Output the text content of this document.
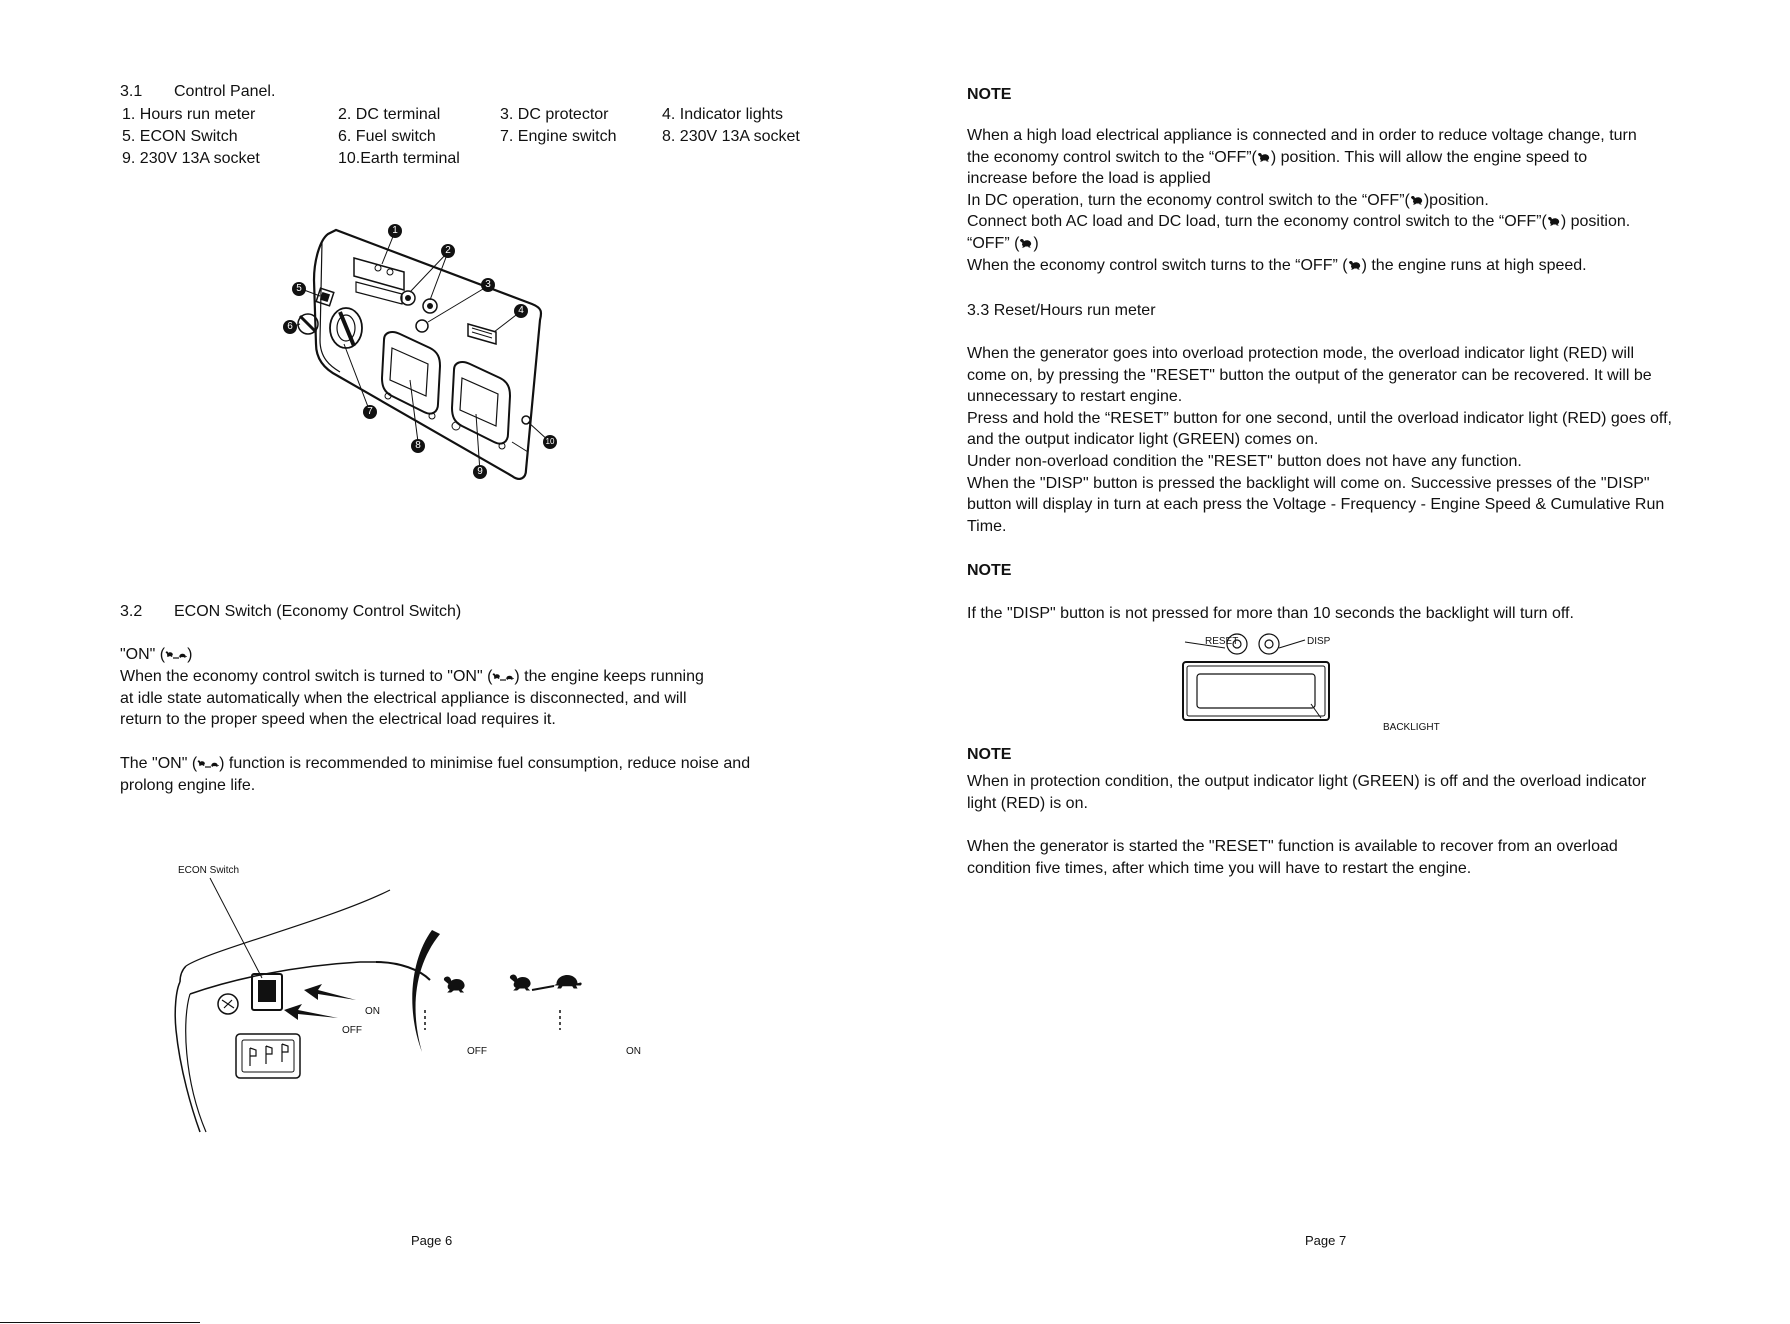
3.1 Control Panel.
1. Hours run meter	2. DC terminal	3. DC protector	4. Indicator lights
5. ECON Switch	6. Fuel switch	7. Engine switch	8. 230V 13A socket
9. 230V 13A socket	10.Earth terminal
1
2
3
4
5
6
7
8
9
10
3.2 ECON Switch (Economy Control Switch)
"ON" ( )
When the economy control switch is turned to "ON" ( ) the engine keeps running
at idle state automatically when the electrical appliance is disconnected, and will
return to the proper speed when the electrical load requires it.
The "ON" ( ) function is recommended to minimise fuel consumption, reduce noise and
prolong engine life.
ECON Switch
ON
OFF
OFF	ON
Page 6
NOTE
When a high load electrical appliance is connected and in order to reduce voltage change, turn
the economy control switch to the “OFF”( ) position. This will allow the engine speed to
increase before the load is applied
In DC operation, turn the economy control switch to the “OFF”( )position.
Connect both AC load and DC load, turn the economy control switch to the “OFF”( ) position.
“OFF” ( )
When the economy control switch turns to the “OFF” ( ) the engine runs at high speed.
3.3 Reset/Hours run meter
When the generator goes into overload protection mode, the overload indicator light (RED) will
come on, by pressing the "RESET" button the output of the generator can be recovered. It will be
unnecessary to restart engine.
Press and hold the “RESET” button for one second, until the overload indicator light (RED) goes off,
and the output indicator light (GREEN) comes on.
Under non-overload condition the "RESET" button does not have any function.
When the "DISP" button is pressed the backlight will come on. Successive presses of the "DISP"
button will display in turn at each press the Voltage - Frequency - Engine Speed & Cumulative Run
Time.
NOTE
If the "DISP" button is not pressed for more than 10 seconds the backlight will turn off.
RESET	DISP
BACKLIGHT
NOTE
When in protection condition, the output indicator light (GREEN) is off and the overload indicator
light (RED) is on.
When the generator is started the "RESET" function is available to recover from an overload
condition five times, after which time you will have to restart the engine.
Page 7
